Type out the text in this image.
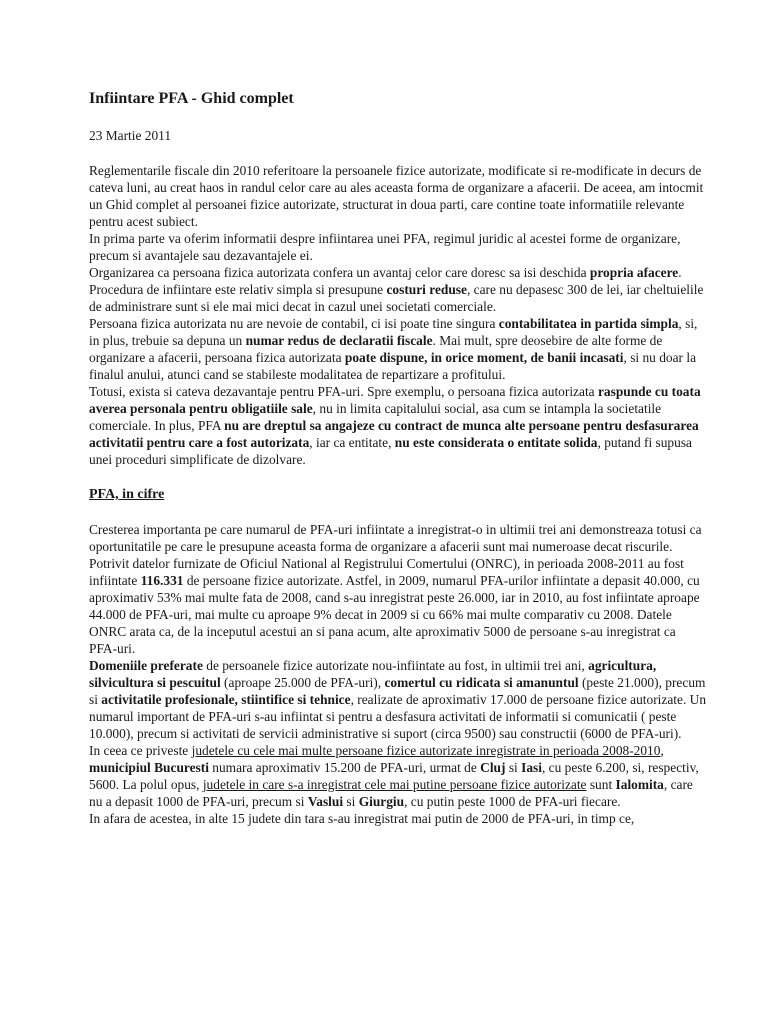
Infiintare PFA - Ghid complet
23 Martie 2011

Reglementarile fiscale din 2010 referitoare la persoanele fizice autorizate, modificate si re-modificate in decurs de cateva luni, au creat haos in randul celor care au ales aceasta forma de organizare a afacerii. De aceea, am intocmit un Ghid complet al persoanei fizice autorizate, structurat in doua parti, care contine toate informatiile relevante pentru acest subiect.

In prima parte va oferim informatii despre infiintarea unei PFA, regimul juridic al acestei forme de organizare, precum si avantajele sau dezavantajele ei.

Organizarea ca persoana fizica autorizata confera un avantaj celor care doresc sa isi deschida propria afacere. Procedura de infiintare este relativ simpla si presupune costuri reduse, care nu depasesc 300 de lei, iar cheltuielile de administrare sunt si ele mai mici decat in cazul unei societati comerciale.

Persoana fizica autorizata nu are nevoie de contabil, ci isi poate tine singura contabilitatea in partida simpla, si, in plus, trebuie sa depuna un numar redus de declaratii fiscale. Mai mult, spre deosebire de alte forme de organizare a afacerii, persoana fizica autorizata poate dispune, in orice moment, de banii incasati, si nu doar la finalul anului, atunci cand se stabileste modalitatea de repartizare a profitului.

Totusi, exista si cateva dezavantaje pentru PFA-uri. Spre exemplu, o persoana fizica autorizata raspunde cu toata averea personala pentru obligatiile sale, nu in limita capitalului social, asa cum se intampla la societatile comerciale. In plus, PFA nu are dreptul sa angajeze cu contract de munca alte persoane pentru desfasurarea activitatii pentru care a fost autorizata, iar ca entitate, nu este considerata o entitate solida, putand fi supusa unei proceduri simplificate de dizolvare.

PFA, in cifre

Cresterea importanta pe care numarul de PFA-uri infiintate a inregistrat-o in ultimii trei ani demonstreaza totusi ca oportunitatile pe care le presupune aceasta forma de organizare a afacerii sunt mai numeroase decat riscurile.

Potrivit datelor furnizate de Oficiul National al Registrului Comertului (ONRC), in perioada 2008-2011 au fost infiintate 116.331 de persoane fizice autorizate. Astfel, in 2009, numarul PFA-urilor infiintate a depasit 40.000, cu aproximativ 53% mai multe fata de 2008, cand s-au inregistrat peste 26.000, iar in 2010, au fost infiintate aproape 44.000 de PFA-uri, mai multe cu aproape 9% decat in 2009 si cu 66% mai multe comparativ cu 2008. Datele ONRC arata ca, de la inceputul acestui an si pana acum, alte aproximativ 5000 de persoane s-au inregistrat ca PFA-uri.

Domeniile preferate de persoanele fizice autorizate nou-infiintate au fost, in ultimii trei ani, agricultura, silvicultura si pescuitul (aproape 25.000 de PFA-uri), comertul cu ridicata si amanuntul (peste 21.000), precum si activitatile profesionale, stiintifice si tehnice, realizate de aproximativ 17.000 de persoane fizice autorizate. Un numarul important de PFA-uri s-au infiintat si pentru a desfasura activitati de informatii si comunicatii ( peste 10.000), precum si activitati de servicii administrative si suport (circa 9500) sau constructii (6000 de PFA-uri).

In ceea ce priveste judetele cu cele mai multe persoane fizice autorizate inregistrate in perioada 2008-2010, municipiul Bucuresti numara aproximativ 15.200 de PFA-uri, urmat de Cluj si Iasi, cu peste 6.200, si, respectiv, 5600. La polul opus, judetele in care s-a inregistrat cele mai putine persoane fizice autorizate sunt Ialomita, care nu a depasit 1000 de PFA-uri, precum si Vaslui si Giurgiu, cu putin peste 1000 de PFA-uri fiecare.

In afara de acestea, in alte 15 judete din tara s-au inregistrat mai putin de 2000 de PFA-uri, in timp ce,
